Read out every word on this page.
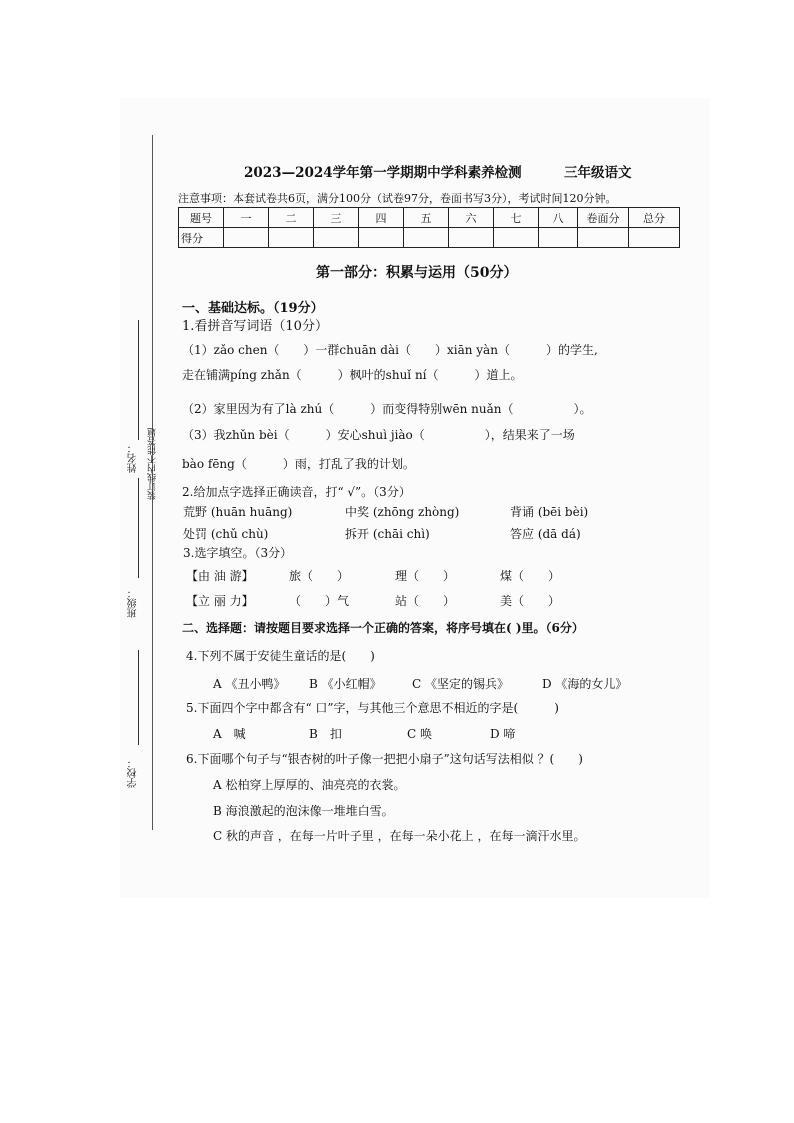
姓名： 装订线内不能答题
班级：
学校：
2023—2024学年第一学期期中学科素养检测	三年级语文
注意事项：本套试卷共6页，满分100分（试卷97分，卷面书写3分），考试时间120分钟。
题号	一	二	三	四	五	六	七	八	卷面分	总分
得分										
第一部分：积累与运用（50分）
一、基础达标。（19分）
1.看拼音写词语（10分）
（1）zǎo chen（　　）一群chuān dài（　　）xiān yàn（　　　）的学生,
走在铺满píng zhǎn（　　　）枫叶的shuǐ ní（　　　）道上。
（2）家里因为有了là zhú（　　　）而变得特别wēn nuǎn（　　　　　）。
（3）我zhǔn bèi（　　　）安心shuì jiào（　　　　　），结果来了一场
bào fēng（　　　）雨，打乱了我的计划。
2.给加点字选择正确读音，打“ √”。（3分）
荒野 (huān huāng)	中奖 (zhōng zhòng)	背诵 (bēi bèi)
处罚 (chǔ chù)	拆开 (chāi chì)	答应 (dā dá)
3.选字填空。（3分）
【由 油 游】	旅（　　）	理（　　）	煤（　　）
【立 丽 力】	（　　）气	站（　　）	美（　　）
二、选择题：请按题目要求选择一个正确的答案，将序号填在( )里。（6分）
4.下列不属于安徒生童话的是(　　)
A 《丑小鸭》 B 《小红帽》	C 《坚定的锡兵》	D 《海的女儿》
5.下面四个字中都含有“ 口”字，与其他三个意思不相近的字是(　　　)
A　喊	B　扣	C 唤	D 啼
6.下面哪个句子与“银杏树的叶子像一把把小扇子”这句话写法相似 ？(　　)
A 松柏穿上厚厚的、油亮亮的衣裳。
B 海浪激起的泡沫像一堆堆白雪。
C 秋的声音 ，在每一片叶子里 ，在每一朵小花上 ，在每一滴汗水里。
